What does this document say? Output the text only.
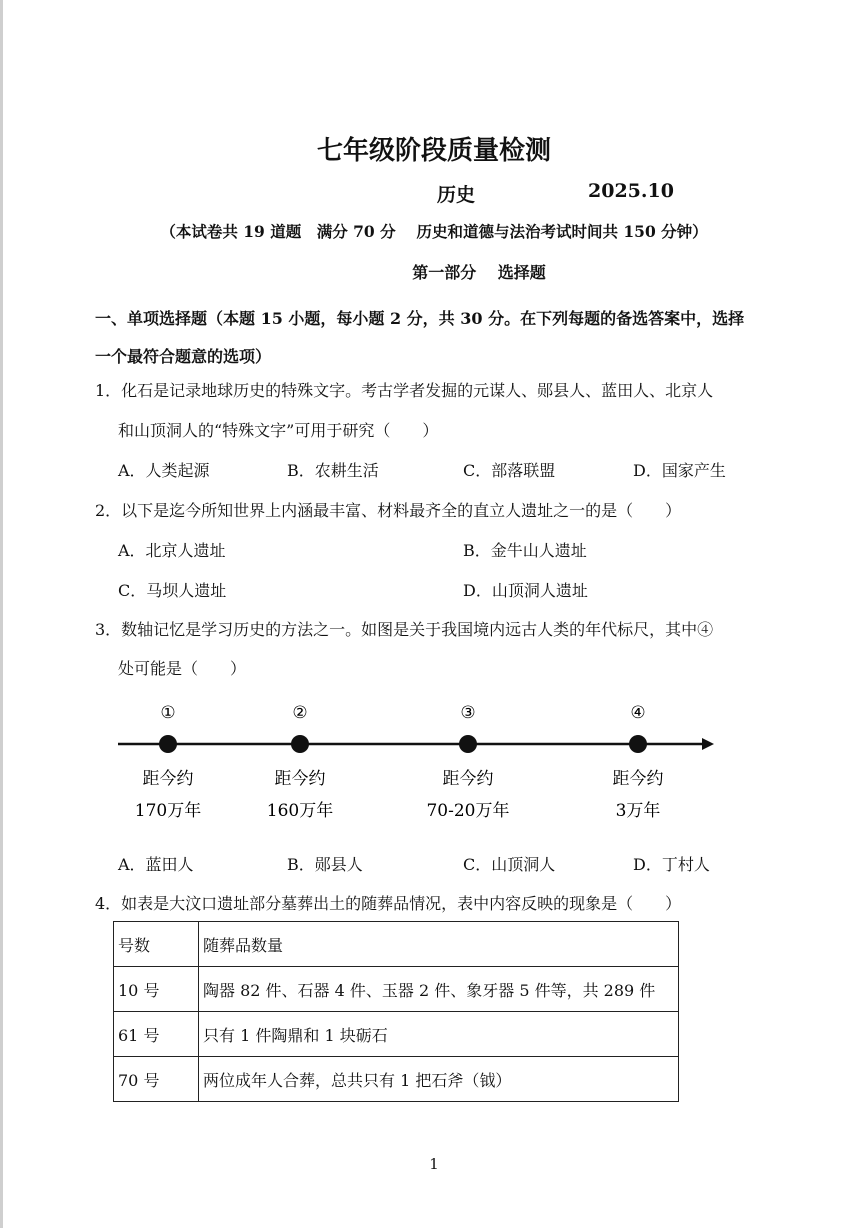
七年级阶段质量检测
历史	2025.10
（本试卷共 19 道题　满分 70 分　 历史和道德与法治考试时间共 150 分钟）
第一部分　 选择题
一、单项选择题（本题 15 小题，每小题 2 分，共 30 分。在下列每题的备选答案中，选择
一个最符合题意的选项）
1．化石是记录地球历史的特殊文字。考古学者发掘的元谋人、郧县人、蓝田人、北京人
和山顶洞人的“特殊文字”可用于研究（　　）
A．人类起源	B．农耕生活	C．部落联盟	D．国家产生
2．以下是迄今所知世界上内涵最丰富、材料最齐全的直立人遗址之一的是（　　）
A．北京人遗址	B．金牛山人遗址
C．马坝人遗址	D．山顶洞人遗址
3．数轴记忆是学习历史的方法之一。如图是关于我国境内远古人类的年代标尺，其中④
处可能是（　　）
①
距今约
170万年
②
距今约
160万年
③
距今约
70-20万年
④
距今约
3万年
A．蓝田人	B．郧县人	C．山顶洞人	D．丁村人
4．如表是大汶口遗址部分墓葬出土的随葬品情况，表中内容反映的现象是（　　）
号数	随葬品数量
10 号	陶器 82 件、石器 4 件、玉器 2 件、象牙器 5 件等，共 289 件
61 号	只有 1 件陶鼎和 1 块砺石
70 号	两位成年人合葬，总共只有 1 把石斧（钺）
1
